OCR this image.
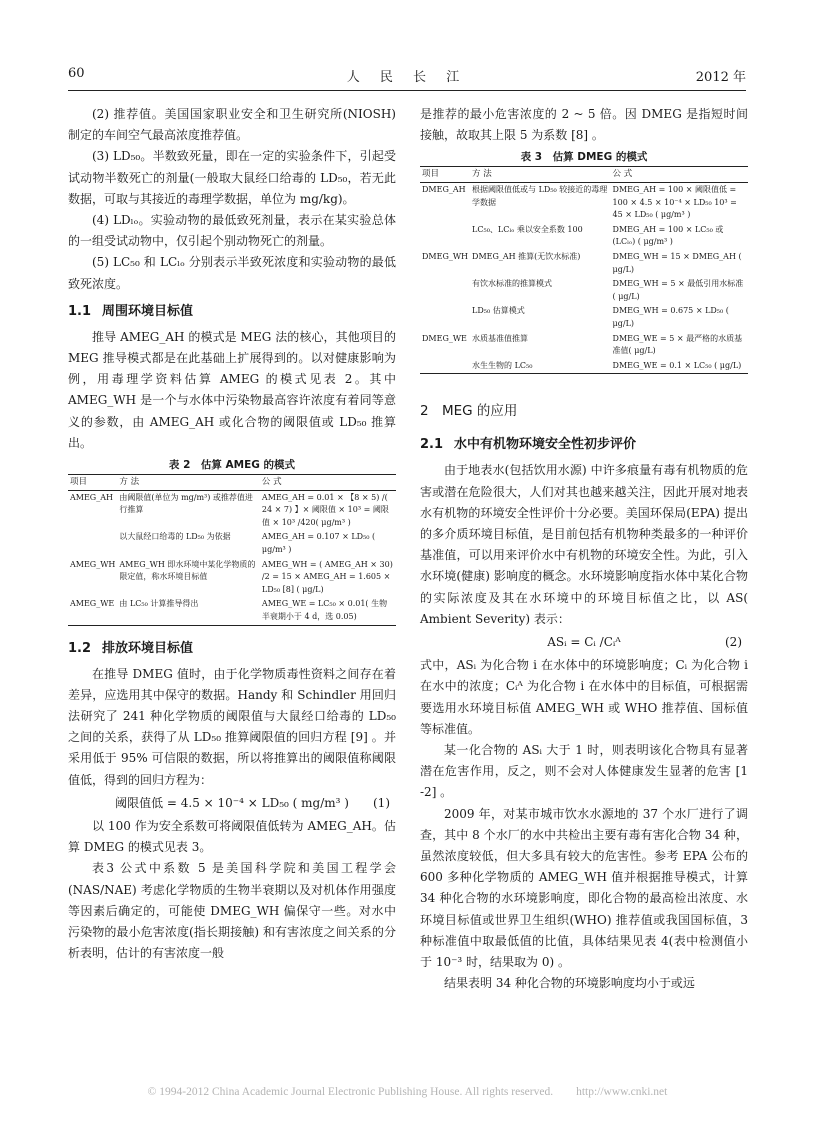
60	人 民 长 江	2012 年

(2) 推荐值。美国国家职业安全和卫生研究所(NIOSH) 制定的车间空气最高浓度推荐值。

(3) LD₅₀。半数致死量，即在一定的实验条件下，引起受试动物半数死亡的剂量(一般取大鼠经口给毒的 LD₅₀，若无此数据，可取与其接近的毒理学数据，单位为 mg/kg)。

(4) LDₗₒ。实验动物的最低致死剂量，表示在某实验总体的一组受试动物中，仅引起个别动物死亡的剂量。

(5) LC₅₀ 和 LCₗₒ 分别表示半致死浓度和实验动物的最低致死浓度。

1.1 周围环境目标值

推导 AMEG_AH 的模式是 MEG 法的核心，其他项目的 MEG 推导模式都是在此基础上扩展得到的。以对健康影响为例，用毒理学资料估算 AMEG 的模式见表 2。其中 AMEG_WH 是一个与水体中污染物最高容许浓度有着同等意义的参数，由 AMEG_AH 或化合物的阈限值或 LD₅₀ 推算出。

表 2　估算 AMEG 的模式
项目	方 法	公 式
AMEG_AH	由阈限值(单位为 mg/m³) 或推荐值进行推算	AMEG_AH = 0.01 × 【8 × 5) /( 24 × 7) 】× 阈限值 × 10³ = 阈限值 × 10³ /420( μg/m³ )
	以大鼠经口给毒的 LD₅₀ 为依据	AMEG_AH = 0.107 × LD₅₀ ( μg/m³ )
AMEG_WH	AMEG_WH 即水环境中某化学物质的限定值，称水环境目标值	AMEG_WH = ( AMEG_AH × 30) /2 = 15 × AMEG_AH = 1.605 × LD₅₀ [8] ( μg/L)
AMEG_WE	由 LC₅₀ 计算推导得出	AMEG_WE = LC₅₀ × 0.01( 生物半衰期小于 4 d，选 0.05)
1.2 排放环境目标值

在推导 DMEG 值时，由于化学物质毒性资料之间存在着差异，应选用其中保守的数据。Handy 和 Schindler 用回归法研究了 241 种化学物质的阈限值与大鼠经口给毒的 LD₅₀ 之间的关系，获得了从 LD₅₀ 推算阈限值的回归方程 [9] 。并采用低于 95% 可信限的数据，所以将推算出的阈限值称阈限值低，得到的回归方程为：

阈限值低 = 4.5 × 10⁻⁴ × LD₅₀ ( mg/m³ ) (1)

以 100 作为安全系数可将阈限值低转为 AMEG_AH。估算 DMEG 的模式见表 3。

表3 公式中系数 5 是美国科学院和美国工程学会(NAS/NAE) 考虑化学物质的生物半衰期以及对机体作用强度等因素后确定的，可能使 DMEG_WH 偏保守一些。对水中污染物的最小危害浓度(指长期接触) 和有害浓度之间关系的分析表明，估计的有害浓度一般

是推荐的最小危害浓度的 2 ~ 5 倍。因 DMEG 是指短时间接触，故取其上限 5 为系数 [8] 。

表 3　估算 DMEG 的模式
项目	方 法	公 式
DMEG_AH	根据阈限值低或与 LD₅₀ 较接近的毒理学数据	DMEG_AH = 100 × 阈限值低 = 100 × 4.5 × 10⁻⁴ × LD₅₀ 10³ = 45 × LD₅₀ ( μg/m³ )
	LC₅₀、LCₗₒ 乘以安全系数 100	DMEG_AH = 100 × LC₅₀ 或 (LCₗₒ) ( μg/m³ )
DMEG_WH	DMEG_AH 推算(无饮水标准)	DMEG_WH = 15 × DMEG_AH ( μg/L)
	有饮水标准的推算模式	DMEG_WH = 5 × 最低引用水标准 ( μg/L)
	LD₅₀ 估算模式	DMEG_WH = 0.675 × LD₅₀ ( μg/L)
DMEG_WE	水质基准值推算	DMEG_WE = 5 × 最严格的水质基准值( μg/L)
	水生生物的 LC₅₀	DMEG_WE = 0.1 × LC₅₀ ( μg/L)
2 MEG 的应用
2.1 水中有机物环境安全性初步评价

由于地表水(包括饮用水源) 中许多痕量有毒有机物质的危害或潜在危险很大，人们对其也越来越关注，因此开展对地表水有机物的环境安全性评价十分必要。美国环保局(EPA) 提出的多介质环境目标值，是目前包括有机物种类最多的一种评价基准值，可以用来评价水中有机物的环境安全性。为此，引入水环境(健康) 影响度的概念。水环境影响度指水体中某化合物的实际浓度及其在水环境中的环境目标值之比，以 AS( Ambient Severity) 表示：

ASᵢ = Cᵢ /Cᵢᴬ	(2)

式中，ASᵢ 为化合物 i 在水体中的环境影响度；Cᵢ 为化合物 i 在水中的浓度；Cᵢᴬ 为化合物 i 在水体中的目标值，可根据需要选用水环境目标值 AMEG_WH 或 WHO 推荐值、国标值等标准值。

某一化合物的 ASᵢ 大于 1 时，则表明该化合物具有显著潜在危害作用，反之，则不会对人体健康发生显著的危害 [1 -2] 。

2009 年，对某市城市饮水水源地的 37 个水厂进行了调查，其中 8 个水厂的水中共检出主要有毒有害化合物 34 种，虽然浓度较低，但大多具有较大的危害性。参考 EPA 公布的 600 多种化学物质的 AMEG_WH 值并根据推导模式，计算 34 种化合物的水环境影响度，即化合物的最高检出浓度、水环境目标值或世界卫生组织(WHO) 推荐值或我国国标值，3 种标准值中取最低值的比值，具体结果见表 4(表中检测值小于 10⁻³ 时，结果取为 0) 。

结果表明 34 种化合物的环境影响度均小于或远

© 1994-2012 China Academic Journal Electronic Publishing House. All rights reserved.　　http://www.cnki.net
